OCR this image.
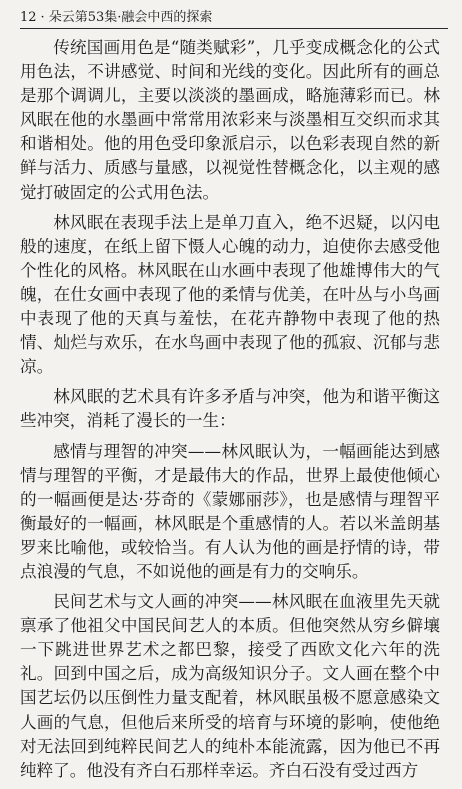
12 · 朵云第53集·融会中西的探索

传统国画用色是“随类赋彩”，几乎变成概念化的公式用色法，不讲感觉、时间和光线的变化。因此所有的画总是那个调调儿，主要以淡淡的墨画成，略施薄彩而已。林风眠在他的水墨画中常常用浓彩来与淡墨相互交织而求其和谐相处。他的用色受印象派启示，以色彩表现自然的新鲜与活力、质感与量感，以视觉性替概念化，以主观的感觉打破固定的公式用色法。

林风眠在表现手法上是单刀直入，绝不迟疑，以闪电般的速度，在纸上留下慑人心魄的动力，迫使你去感受他个性化的风格。林风眠在山水画中表现了他雄博伟大的气魄，在仕女画中表现了他的柔情与优美，在叶丛与小鸟画中表现了他的天真与羞怯，在花卉静物中表现了他的热情、灿烂与欢乐，在水鸟画中表现了他的孤寂、沉郁与悲凉。

林风眠的艺术具有许多矛盾与冲突，他为和谐平衡这些冲突，消耗了漫长的一生：

感情与理智的冲突——林风眠认为，一幅画能达到感情与理智的平衡，才是最伟大的作品，世界上最使他倾心的一幅画便是达·芬奇的《蒙娜丽莎》，也是感情与理智平衡最好的一幅画，林风眠是个重感情的人。若以米盖朗基罗来比喻他，或较恰当。有人认为他的画是抒情的诗，带点浪漫的气息，不如说他的画是有力的交响乐。

民间艺术与文人画的冲突——林风眠在血液里先天就禀承了他祖父中国民间艺人的本质。但他突然从穷乡僻壤一下跳进世界艺术之都巴黎，接受了西欧文化六年的洗礼。回到中国之后，成为高级知识分子。文人画在整个中国艺坛仍以压倒性力量支配着，林风眠虽极不愿意感染文人画的气息，但他后来所受的培育与环境的影响，使他绝对无法回到纯粹民间艺人的纯朴本能流露，因为他已不再纯粹了。他没有齐白石那样幸运。齐白石没有受过西方
